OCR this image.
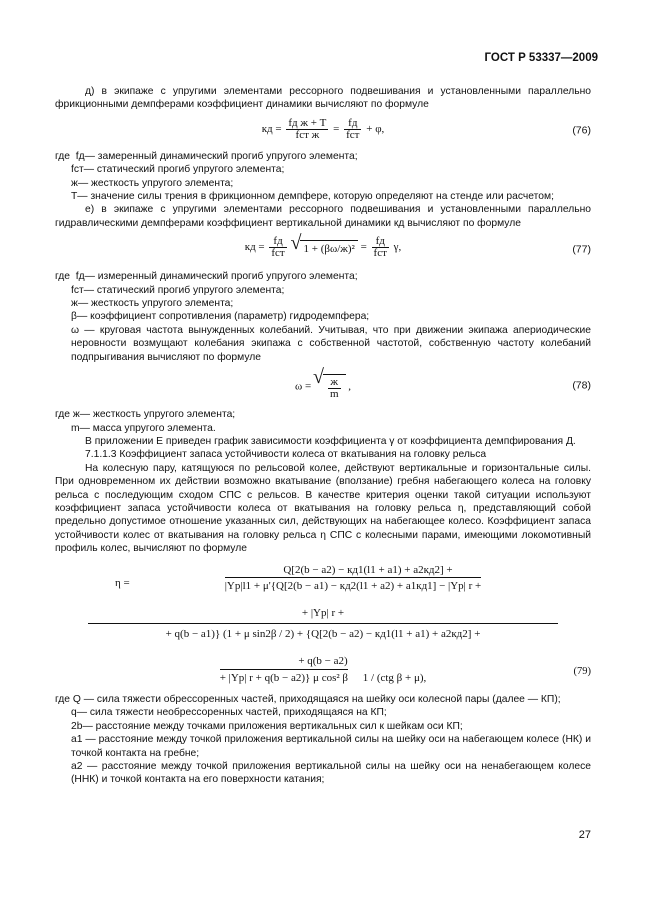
ГОСТ Р 53337—2009

д) в экипаже с упругими элементами рессорного подвешивания и установленными параллельно фрикционными демпферами коэффициент динамики вычисляют по формуле

кд = $\frac{\text{fд ж + T}}{\text{fст ж}} = \frac{fд}{\text{fст}} + \varphi$,	(76)
где  fд — замеренный динамический прогиб упругого элемента;
fст — статический прогиб упругого элемента;
ж — жесткость упругого элемента;
Т — значение силы трения в фрикционном демпфере, которую определяют на стенде или расчетом;

е) в экипаже с упругими элементами рессорного подвешивания и установленными параллельно гидравлическими демпферами коэффициент вертикальной динамики кд вычисляют по формуле

кд = $\frac{fд}{\text{fст}}$ √ $1 + (\beta\omega/ж)^2 = \frac{fд}{\text{fст}} \gamma$,	(77)
где  fд — измеренный динамический прогиб упругого элемента;
fст — статический прогиб упругого элемента;
ж — жесткость упругого элемента;
β — коэффициент сопротивления (параметр) гидродемпфера;

ω — круговая частота вынужденных колебаний. Учитывая, что при движении экипажа апериодические неровности возмущают колебания экипажа с собственной частотой, собственную частоту колебаний подпрыгивания вычисляют по формуле

ω = √ $\frac{ж}{m}$ ,	(78)
где ж — жесткость упругого элемента;
m — масса упругого элемента.

В приложении Е приведен график зависимости коэффициента γ от коэффициента демпфирования Д.

7.1.1.3 Коэффициент запаса устойчивости колеса от вкатывания на головку рельса

На колесную пару, катящуюся по рельсовой колее, действуют вертикальные и горизонтальные силы. При одновременном их действии возможно вкатывание (вползание) гребня набегающего колеса на головку рельса с последующим сходом СПС с рельсов. В качестве критерия оценки такой ситуации используют коэффициент запаса устойчивости колеса от вкатывания на головку рельса η, представляющий собой предельно допустимое отношение указанных сил, действующих на набегающее колесо. Коэффициент запаса устойчивости колес от вкатывания на головку рельса η СПС с колесными парами, имеющими локомотивный профиль колес, вычисляют по формуле

Q[2(b − a2) − кд1(l1 + a1) + a2кд2] +
η =	|Yр|l1 + μ'{Q[2(b − a1) − кд2(l1 + a2) + a1кд1] − |Yр| r +
+ |Yр| r +
+ q(b − a1)} (1 + μ sin2β / 2) + {Q[2(b − a2) − кд1(l1 + a1) + a2кд2] +
+ q(b − a2)
+ |Yр| r + q(b − a2)} μ cos² β 1 / (ctg β + μ),
(79)

где Q — сила тяжести обрессоренных частей, приходящаяся на шейку оси колесной пары (далее — КП);

q — сила тяжести необрессоренных частей, приходящаяся на КП;
2b — расстояние между точками приложения вертикальных сил к шейкам оси КП;

a1 — расстояние между точкой приложения вертикальной силы на шейку оси на набегающем колесе (НК) и точкой контакта на гребне;

a2 — расстояние между точкой приложения вертикальной силы на шейку оси на ненабегающем колесе (ННК) и точкой контакта на его поверхности катания;

27
